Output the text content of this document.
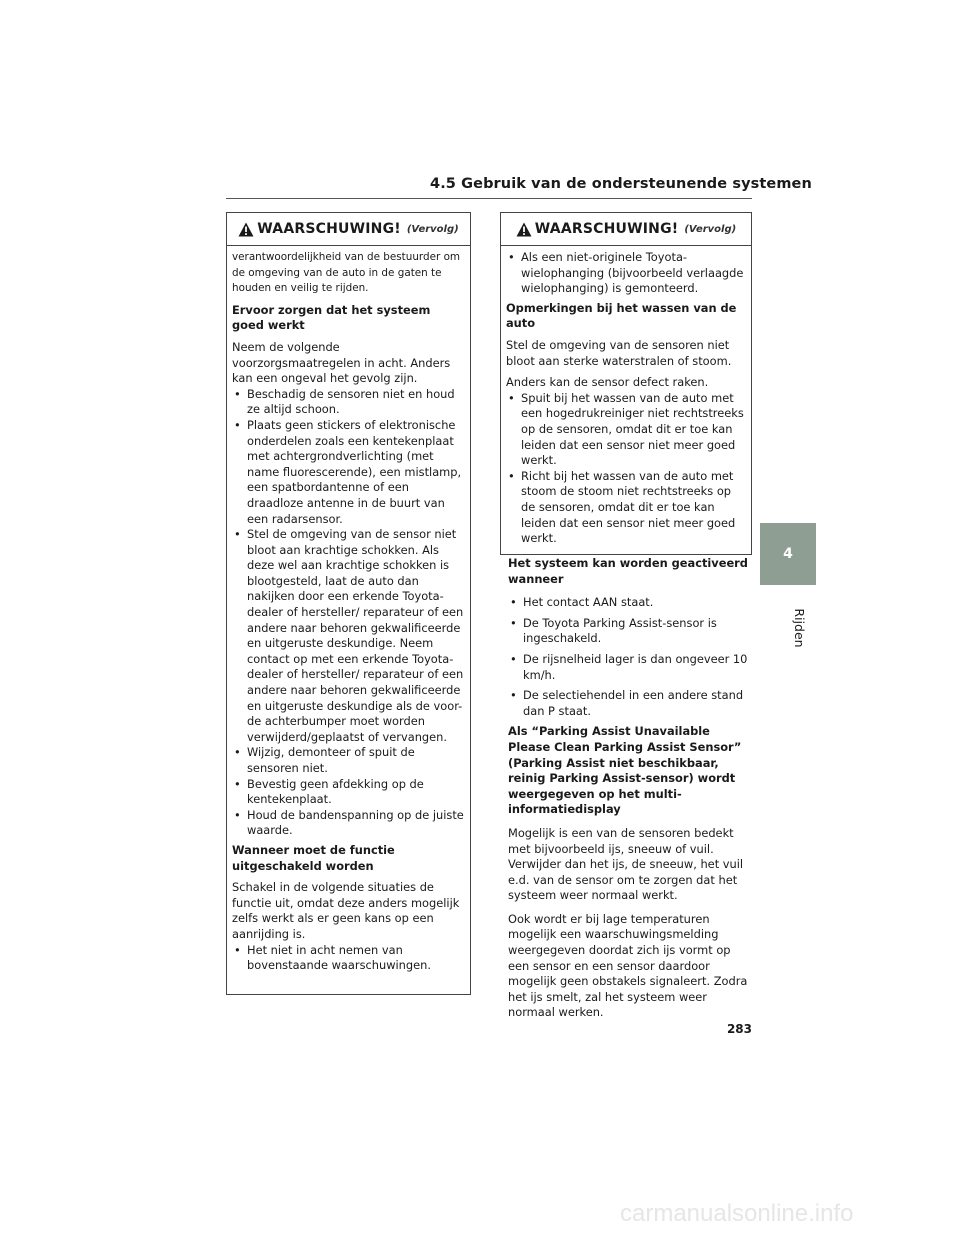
4.5 Gebruik van de ondersteunende systemen
4
Rijden
WAARSCHUWING! (Vervolg)

verantwoordelijkheid van de bestuurder om de omgeving van de auto in de gaten te houden en veilig te rijden.

Ervoor zorgen dat het systeem goed werkt

Neem de volgende voorzorgsmaatregelen in acht. Anders kan een ongeval het gevolg zijn.

• Beschadig de sensoren niet en houd ze altijd schoon.
• Plaats geen stickers of elektronische onderdelen zoals een kentekenplaat met achtergrondverlichting (met name fluorescerende), een mistlamp, een spatbordantenne of een draadloze antenne in de buurt van een radarsensor.
• Stel de omgeving van de sensor niet bloot aan krachtige schokken. Als deze wel aan krachtige schokken is blootgesteld, laat de auto dan nakijken door een erkende Toyota-dealer of hersteller/ reparateur of een andere naar behoren gekwalificeerde en uitgeruste deskundige. Neem contact op met een erkende Toyota-dealer of hersteller/ reparateur of een andere naar behoren gekwalificeerde en uitgeruste deskundige als de voor- de achterbumper moet worden verwijderd/geplaatst of vervangen.
• Wijzig, demonteer of spuit de sensoren niet.
• Bevestig geen afdekking op de kentekenplaat.
• Houd de bandenspanning op de juiste waarde.

Wanneer moet de functie uitgeschakeld worden

Schakel in de volgende situaties de functie uit, omdat deze anders mogelijk zelfs werkt als er geen kans op een aanrijding is.

• Het niet in acht nemen van bovenstaande waarschuwingen.
WAARSCHUWING! (Vervolg)
• Als een niet-originele Toyota-wielophanging (bijvoorbeeld verlaagde wielophanging) is gemonteerd.

Opmerkingen bij het wassen van de auto

Stel de omgeving van de sensoren niet bloot aan sterke waterstralen of stoom.

Anders kan de sensor defect raken.

• Spuit bij het wassen van de auto met een hogedrukreiniger niet rechtstreeks op de sensoren, omdat dit er toe kan leiden dat een sensor niet meer goed werkt.
• Richt bij het wassen van de auto met stoom de stoom niet rechtstreeks op de sensoren, omdat dit er toe kan leiden dat een sensor niet meer goed werkt.

Het systeem kan worden geactiveerd wanneer

• Het contact AAN staat.
• De Toyota Parking Assist-sensor is ingeschakeld.
• De rijsnelheid lager is dan ongeveer 10 km/h.
• De selectiehendel in een andere stand dan P staat.

Als “Parking Assist Unavailable Please Clean Parking Assist Sensor” (Parking Assist niet beschikbaar, reinig Parking Assist-sensor) wordt weergegeven op het multi-informatiedisplay

Mogelijk is een van de sensoren bedekt met bijvoorbeeld ijs, sneeuw of vuil. Verwijder dan het ijs, de sneeuw, het vuil e.d. van de sensor om te zorgen dat het systeem weer normaal werkt.

Ook wordt er bij lage temperaturen mogelijk een waarschuwingsmelding weergegeven doordat zich ijs vormt op een sensor en een sensor daardoor mogelijk geen obstakels signaleert. Zodra het ijs smelt, zal het systeem weer normaal werken.

283
carmanualsonline.info
